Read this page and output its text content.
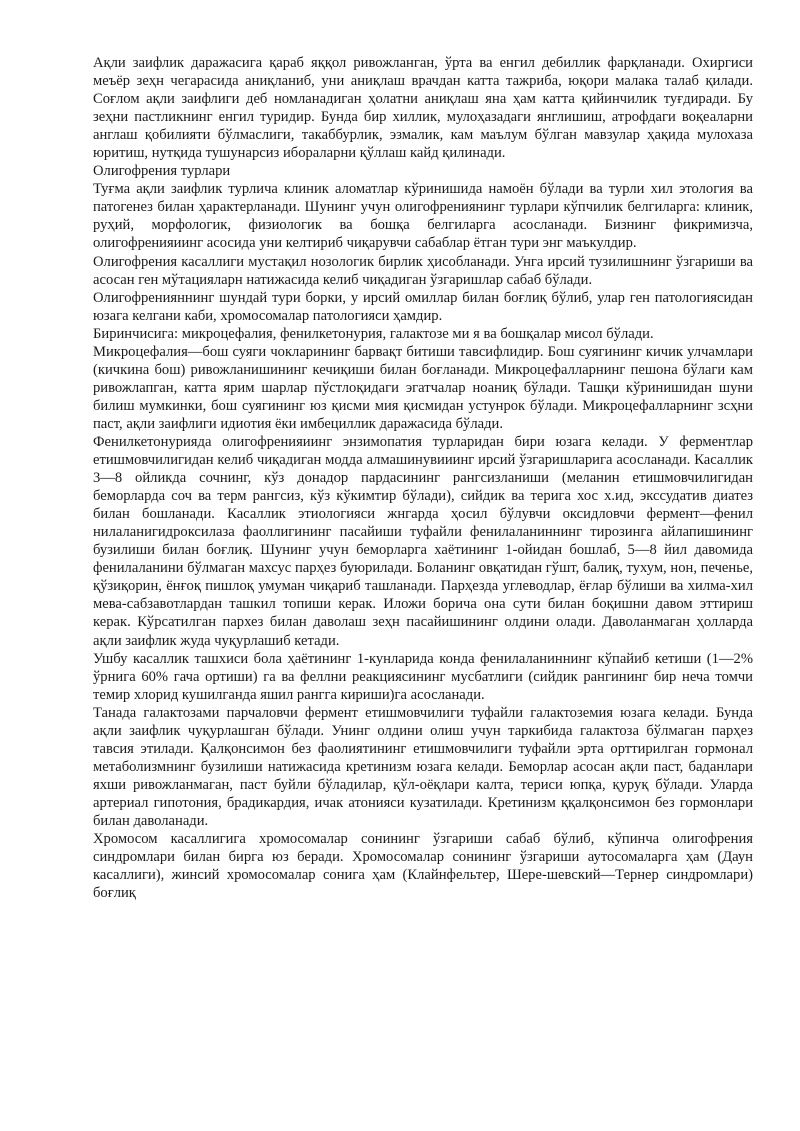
Ақли заифлик даражасига қараб яққол ривожланган, ўрта ва енгил дебиллик фарқланади. Охиргиси меъёр зеҳн чегарасида аниқланиб, уни аниқлаш врачдан катта тажриба, юқори малака талаб қилади. Соғлом ақли заифлиги деб номланадиган ҳолатни аниқлаш яна ҳам катта қийинчилик туғдиради. Бу зеҳни пастликнинг енгил туридир. Бунда бир хиллик, мулоҳазадаги янглишиш, атрофдаги воқеаларни англаш қобилияти бўлмаслиги, такаббурлик, эзмалик, кам маълум бўлган мавзулар ҳақида мулохаза юритиш, нутқида тушунарсиз ибораларни қўллаш кайд қилинади.

Олигофрения турлари

Туғма ақли заифлик турлича клиник аломатлар кўринишида намоён бўлади ва турли хил этология ва патогенез билан ҳарактерланади. Шунинг учун олигофрениянинг турлари кўпчилик белгиларга: клиник, руҳий, морфологик, физиологик ва бошқа белгиларга асосланади. Бизнинг фикримизча, олигофренияиинг асосида уни келтириб чиқарувчи сабаблар ётган тури энг маъкулдир.

Олигофрения касаллиги мустақил нозологик бирлик ҳисобланади. Унга ирсий тузилишнинг ўзгариши ва асосан ген мўтацияларн натижасида келиб чиқадиган ўзгаришлар сабаб бўлади.

Олигофренияннинг шундай тури борки, у ирсий омиллар билан боғлиқ бўлиб, улар ген патологиясидан юзага келгани каби, хромосомалар патологияси ҳамдир.

Биринчисига: микроцефалия, фенилкетонурия, галактозе ми я ва бошқалар мисол бўлади.

Микроцефалия—бош суяги чокларининг барвақт битиши тавсифлидир. Бош суягининг кичик улчамлари (кичкина бош) ривожланишининг кечиқиши билан боғланади. Микроцефалларнинг пешона бўлаги кам ривожлапган, катта ярим шарлар пўстлоқидаги эгатчалар ноаниқ бўлади. Ташқи кўринишидан шуни билиш мумкинки, бош суягининг юз қисми мия қисмидан устунрок бўлади. Микроцефалларнинг зсҳни паст, ақли заифлиги идиотия ёки имбециллик даражасида бўлади.

Фенилкетонурияда олигофренияиинг энзимопатия турларидан бири юзага келади. У ферментлар етишмовчилигидан келиб чиқадиган модда алмашинувииинг ирсий ўзгаришларига асосланади. Касаллик 3—8 ойликда сочнинг, кўз донадор пардасининг рангсизланиши (меланин етишмовчилигидан беморларда соч ва терм рангсиз, кўз кўкимтир бўлади), сийдик ва терига хос х.ид, экссудатив диатез билан бошланади. Касаллик этиологияси жнгарда ҳосил бўлувчи оксидловчи фермент—фенил нилаланигидроксилаза фаоллигининг пасайиши туфайли фенилаланиннинг тирозинга айлапишининг бузилиши билан боғлиқ. Шунинг учун беморларга хаётининг 1-ойидан бошлаб, 5—8 йил давомида фенилаланини бўлмаган махсус парҳез буюрилади. Боланинг овқатидан гўшт, балиқ, тухум, нон, печенье, қўзиқорин, ёнғоқ пишлоқ умуман чиқариб ташланади. Парҳезда углеводлар, ёғлар бўлиши ва хилма-хил мева-сабзавотлардан ташкил топиши керак. Иложи борича она сути билан боқишни давом эттириш керак. Кўрсатилган пархез билан даволаш зеҳн пасайишининг олдини олади. Даволанмаган ҳолларда ақли заифлик жуда чуқурлашиб кетади.

Ушбу касаллик ташхиси бола ҳаётининг 1-кунларида конда фенилаланиннинг кўпайиб кетиши (1—2% ўрнига 60% гача ортиши) га ва феллни реакциясининг мусбатлиги (сийдик рангининг бир неча томчи темир хлорид кушилганда яшил рангга кириши)га асосланади.

Танада галактозами парчаловчи фермент етишмовчилиги туфайли галактоземия юзага келади. Бунда ақли заифлик чуқурлашган бўлади. Унинг олдини олиш учун таркибида галактоза бўлмаган парҳез тавсия этилади. Қалқонсимон без фаолиятининг етишмовчилиги туфайли эрта орттирилган гормонал метаболизмнинг бузилиши натижасида кретинизм юзага келади. Беморлар асосан ақли паст, баданлари яхши ривожланмаган, паст буйли бўладилар, қўл-оёқлари калта, териси юпқа, қуруқ бўлади. Уларда артериал гипотония, брадикардия, ичак атонияси кузатилади. Кретинизм ққалқонсимон без гормонлари билан даволанади.

Хромосом касаллигига хромосомалар сонининг ўзгариши сабаб бўлиб, кўпинча олигофрения синдромлари билан бирга юз беради. Хромосомалар сонининг ўзгариши аутосомаларга ҳам (Даун касаллиги), жинсий хромосомалар сонига ҳам (Клайнфельтер, Шере-шевский—Тернер синдромлари) боғлиқ
